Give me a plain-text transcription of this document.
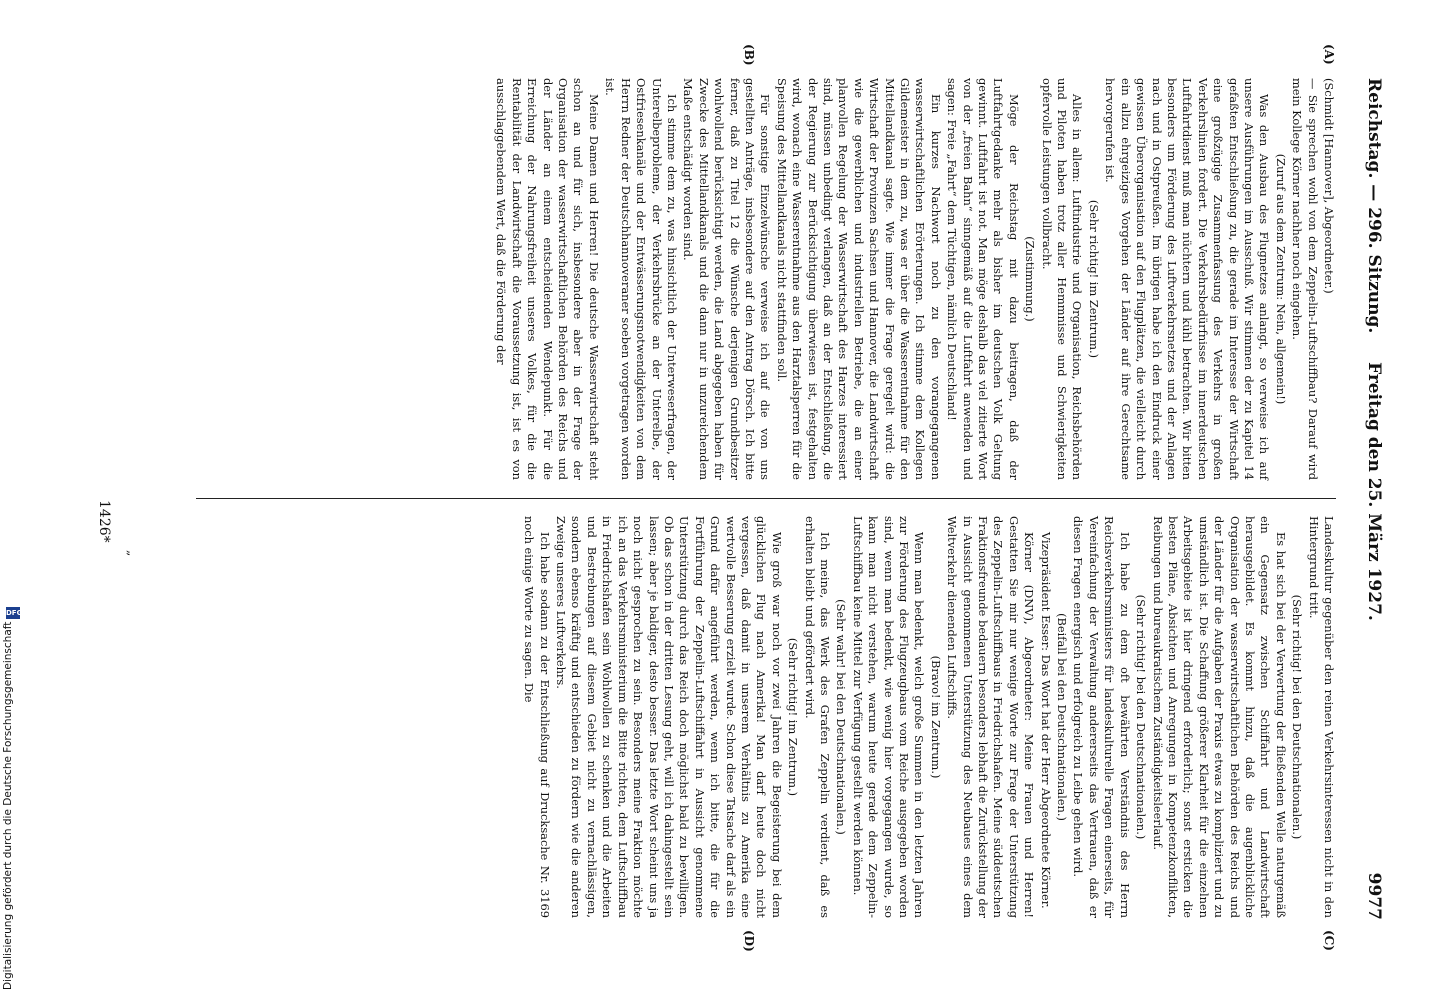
Reichstag. — 296. Sitzung.
Freitag den 25. März 1927.  9977
(A)
(B)
(C)
(D)

(Schmidt [Hannover], Abgeordneter.)

— Sie sprechen wohl von dem Zeppelin-Luftschiffbau? Darauf wird mein Kollege Körner nachher noch eingehen.

(Zuruf aus dem Zentrum: Nein, allgemein!)

Was den Ausbau des Flugnetzes anlangt, so verweise ich auf unsere Ausführungen im Ausschuß. Wir stimmen der zu Kapitel 14 gefaßten Entschließung zu, die gerade im Interesse der Wirtschaft eine großzügige Zusammenfassung des Verkehrs in großen Verkehrslinien fordert. Die Verkehrsbedürfnisse im innerdeutschen Luftfahrtdienst muß man nüchtern und kühl betrachten. Wir bitten besonders um Förderung des Luftverkehrsnetzes und der Anlagen nach und in Ostpreußen. Im übrigen habe ich den Eindruck einer gewissen Überorganisation auf den Flugplätzen, die vielleicht durch ein allzu ehrgeiziges Vorgehen der Länder auf ihre Gerechtsame hervorgerufen ist.

(Sehr richtig! im Zentrum.)

Alles in allem: Luftindustrie und Organisation, Reichsbehörden und Piloten haben trotz aller Hemmnisse und Schwierigkeiten opfervolle Leistungen vollbracht.

(Zustimmung.)

Möge der Reichstag mit dazu beitragen, daß der Luftfahrtgedanke mehr als bisher im deutschen Volk Geltung gewinnt. Luftfahrt ist not. Man möge deshalb das viel zitierte Wort von der „freien Bahn“ sinngemäß auf die Luftfahrt anwenden und sagen: Freie „Fahrt“ dem Tüchtigen, nämlich Deutschland!

Ein kurzes Nachwort noch zu den vorangegangenen wasserwirtschaftlichen Erörterungen. Ich stimme dem Kollegen Gildemeister in dem zu, was er über die Wasserentnahme für den Mittellandkanal sagte. Wie immer die Frage geregelt wird: die Wirtschaft der Provinzen Sachsen und Hannover, die Landwirtschaft wie die gewerblichen und industriellen Betriebe, die an einer planvollen Regelung der Wasserwirtschaft des Harzes interessiert sind, müssen unbedingt verlangen, daß an der Entschließung, die der Regierung zur Berücksichtigung überwiesen ist, festgehalten wird, wonach eine Wasserentnahme aus den Harztalsperren für die Speisung des Mittellandkanals nicht stattfinden soll.

Für sonstige Einzelwünsche verweise ich auf die von uns gestellten Anträge, insbesondere auf den Antrag Dörsch. Ich bitte ferner, daß zu Titel 12 die Wünsche derjenigen Grundbesitzer wohlwollend berücksichtigt werden, die Land abgegeben haben für Zwecke des Mittellandkanals und die dann nur in unzureichendem Maße entschädigt worden sind.

Ich stimme dem zu, was hinsichtlich der Unterweserfragen, der Unterelbeprobleme, der Verkehrsbrücke an der Unterelbe, der Ostfriesenkanäle und der Entwässerungsnotwendigkeiten von dem Herrn Redner der Deutschhannoveraner soeben vorgetragen worden ist.

Meine Damen und Herren! Die deutsche Wasserwirtschaft steht schon an und für sich, insbesondere aber in der Frage der Organisation der wasserwirtschaftlichen Behörden des Reichs und der Länder an einem entscheidenden Wendepunkt. Für die Erreichung der Nahrungsfreiheit unseres Volkes, für die die Rentabilität der Landwirtschaft die Voraussetzung ist, ist es von ausschlaggebendem Wert, daß die Förderung der

Landeskultur gegenüber den reinen Verkehrsinteressen nicht in den Hintergrund tritt.

(Sehr richtig! bei den Deutschnationalen.)

Es hat sich bei der Verwertung der fließenden Welle naturgemäß ein Gegensatz zwischen Schiffahrt und Landwirtschaft herausgebildet. Es kommt hinzu, daß die augenblickliche Organisation der wasserwirtschaftlichen Behörden des Reichs und der Länder für die Aufgaben der Praxis etwas zu kompliziert und zu umständlich ist. Die Schaffung größerer Klarheit für die einzelnen Arbeitsgebiete ist hier dringend erforderlich; sonst ersticken die besten Pläne, Absichten und Anregungen in Kompetenzkonflikten, Reibungen und bureaukratischem Zuständigkeitsleerlauf.

(Sehr richtig! bei den Deutschnationalen.)

Ich habe zu dem oft bewährten Verständnis des Herrn Reichsverkehrsministers für landeskulturelle Fragen einerseits, für Vereinfachung der Verwaltung andererseits das Vertrauen, daß er diesen Fragen energisch und erfolgreich zu Leibe gehen wird.

(Beifall bei den Deutschnationalen.)

Vizepräsident Esser: Das Wort hat der Herr Abgeordnete Körner.

Körner (DNV), Abgeordneter: Meine Frauen und Herren! Gestatten Sie mir nur wenige Worte zur Frage der Unterstützung des Zeppelin-Luftschiffbaus in Friedrichshafen. Meine süddeutschen Fraktionsfreunde bedauern besonders lebhaft die Zurückstellung der in Aussicht genommenen Unterstützung des Neubaues eines dem Weltverkehr dienenden Luftschiffs.

(Bravo! im Zentrum.)

Wenn man bedenkt, welch große Summen in den letzten Jahren zur Förderung des Flugzeugbaus vom Reiche ausgegeben worden sind, wenn man bedenkt, wie wenig hier vorgegangen wurde, so kann man nicht verstehen, warum heute gerade dem Zeppelin-Luftschiffbau keine Mittel zur Verfügung gestellt werden können.

(Sehr wahr! bei den Deutschnationalen.)

Ich meine, das Werk des Grafen Zeppelin verdient, daß es erhalten bleibt und gefördert wird.

(Sehr richtig! im Zentrum.)

Wie groß war noch vor zwei Jahren die Begeisterung bei dem glücklichen Flug nach Amerika! Man darf heute doch nicht vergessen, daß damit in unserem Verhältnis zu Amerika eine wertvolle Besserung erzielt wurde. Schon diese Tatsache darf als ein Grund dafür angeführt werden, wenn ich bitte, die für die Fortführung der Zeppelin-Luftschiffahrt in Aussicht genommene Unterstützung durch das Reich doch möglichst bald zu bewilligen. Ob das schon in der dritten Lesung geht, will ich dahingestellt sein lassen; aber je baldiger, desto besser. Das letzte Wort scheint uns ja noch nicht gesprochen zu sein. Besonders meine Fraktion möchte ich an das Verkehrsministerium die Bitte richten, dem Luftschiffbau in Friedrichshafen sein Wohlwollen zu schenken und die Arbeiten und Bestrebungen auf diesem Gebiet nicht zu vernachlässigen, sondern ebenso kräftig und entschieden zu fördern wie die anderen Zweige unseres Luftverkehrs.

Ich habe sodann zu der Entschließung auf Drucksache Nr. 3169 noch einige Worte zu sagen. Die

„
1426*
Digitalisierung gefördert durch die Deutsche Forschungsgemeinschaft
DFG
